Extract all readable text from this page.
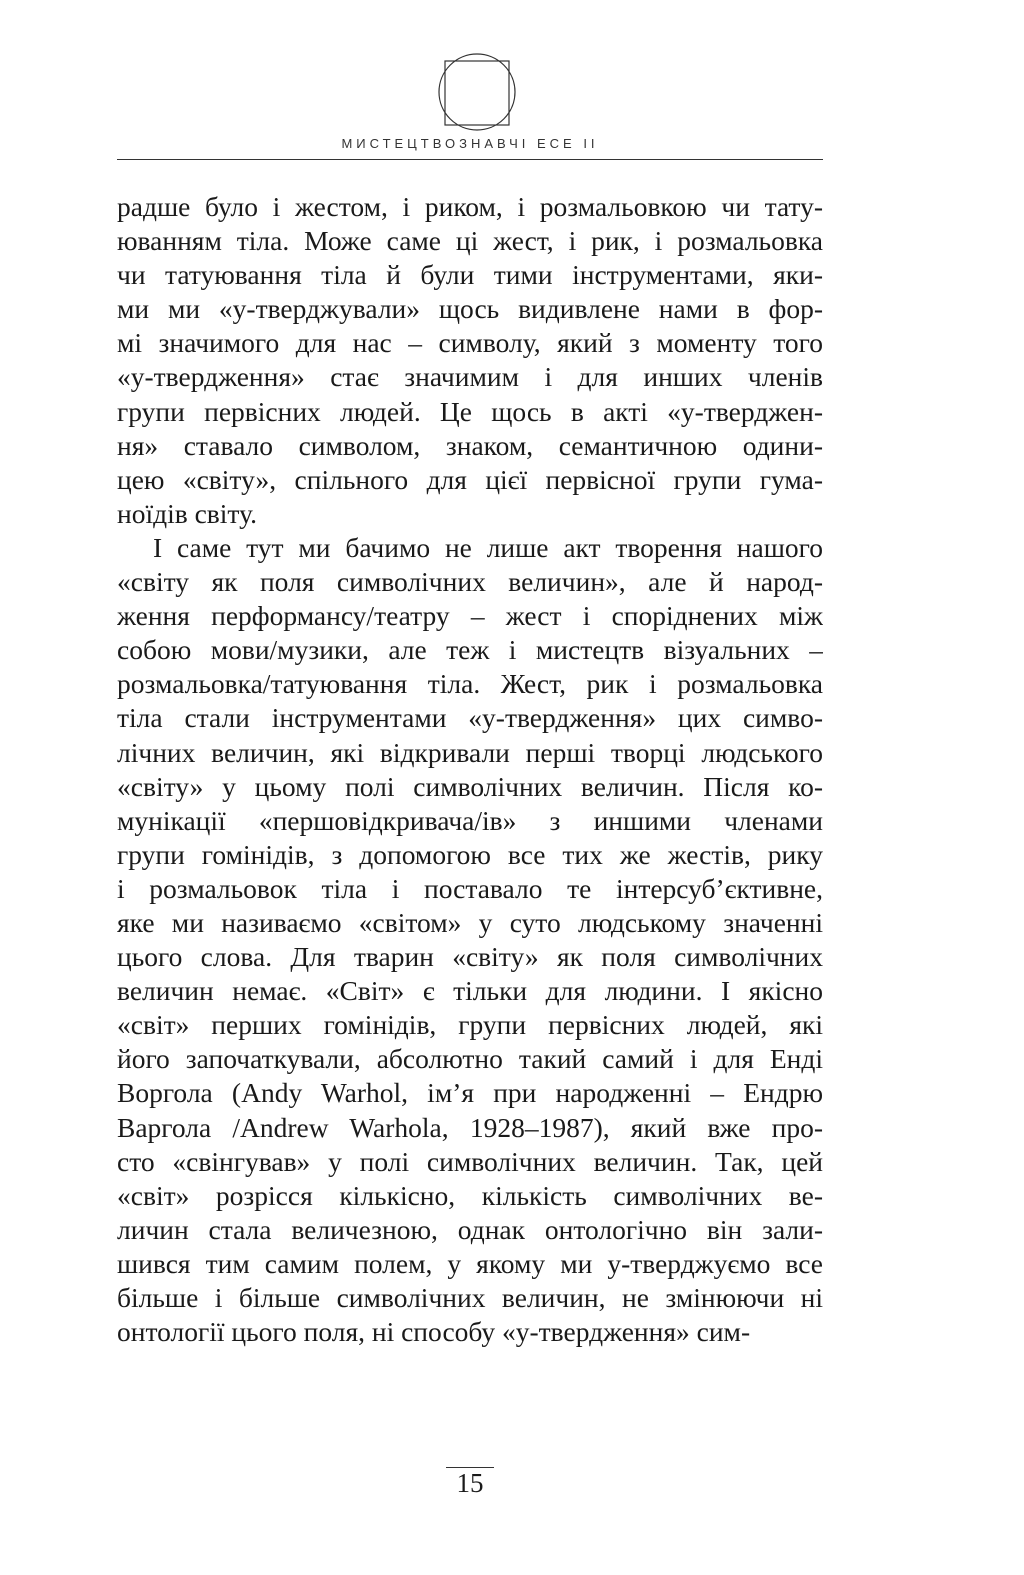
МИСТЕЦТВОЗНАВЧІ ЕСЕ ІІ

радше було і жестом, і риком, і розмальовкою чи тату-
юванням тіла. Може саме ці жест, і рик, і розмальовка
чи татуювання тіла й були тими інструментами, яки-
ми ми «у-тверджували» щось видивлене нами в фор-
мі значимого для нас – символу, який з моменту того
«у-твердження» стає значимим і для инших членів
групи первісних людей. Це щось в акті «у-тверджен-
ня» ставало символом, знаком, семантичною одини-
цею «світу», спільного для цієї первісної групи гума-
ноїдів світу.

І саме тут ми бачимо не лише акт творення нашого
«світу як поля символічних величин», але й народ-
ження перформансу/театру – жест і споріднених між
собою мови/музики, але теж і мистецтв візуальних –
розмальовка/татуювання тіла. Жест, рик і розмальовка
тіла стали інструментами «у-твердження» цих симво-
лічних величин, які відкривали перші творці людського
«світу» у цьому полі символічних величин. Після ко-
мунікації «першовідкривача/ів» з иншими членами
групи гомінідів, з допомогою все тих же жестів, рику
і розмальовок тіла і поставало те інтерсуб’єктивне,
яке ми називаємо «світом» у суто людському значенні
цього слова. Для тварин «світу» як поля символічних
величин немає. «Світ» є тільки для людини. І якісно
«світ» перших гомінідів, групи первісних людей, які
його започаткували, абсолютно такий самий і для Енді
Воргола (Andy Warhol, ім’я при народженні – Ендрю
Варгола /Andrew Warhola, 1928–1987), який вже про-
сто «свінгував» у полі символічних величин. Так, цей
«світ» розрісся кількісно, кількість символічних ве-
личин стала величезною, однак онтологічно він зали-
шився тим самим полем, у якому ми у-тверджуємо все
більше і більше символічних величин, не змінюючи ні
онтології цього поля, ні способу «у-твердження» сим-

15
